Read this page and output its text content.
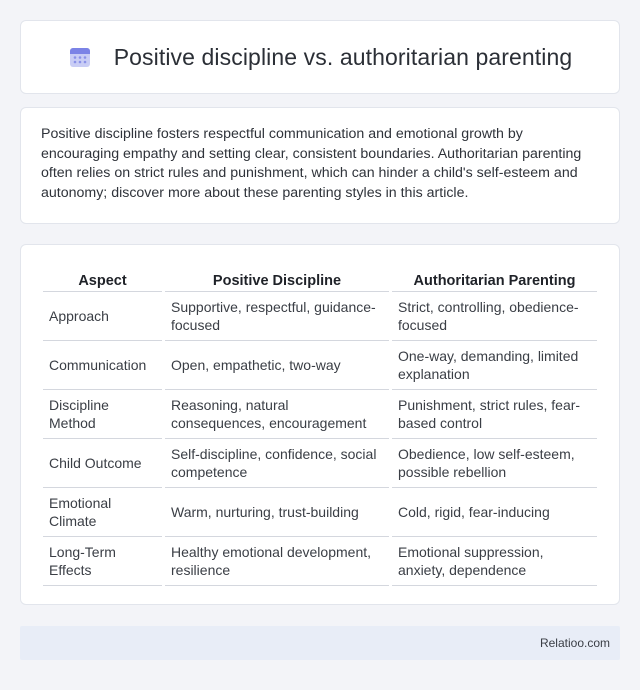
Positive discipline vs. authoritarian parenting

Positive discipline fosters respectful communication and emotional growth by encouraging empathy and setting clear, consistent boundaries. Authoritarian parenting often relies on strict rules and punishment, which can hinder a child's self-esteem and autonomy; discover more about these parenting styles in this article.

Aspect	Positive Discipline	Authoritarian Parenting
Approach	Supportive, respectful, guidance-focused	Strict, controlling, obedience-focused
Communication	Open, empathetic, two-way	One-way, demanding, limited explanation
Discipline Method	Reasoning, natural consequences, encouragement	Punishment, strict rules, fear-based control
Child Outcome	Self-discipline, confidence, social competence	Obedience, low self-esteem, possible rebellion
Emotional Climate	Warm, nurturing, trust-building	Cold, rigid, fear-inducing
Long-Term Effects	Healthy emotional development, resilience	Emotional suppression, anxiety, dependence
Relatioo.com
